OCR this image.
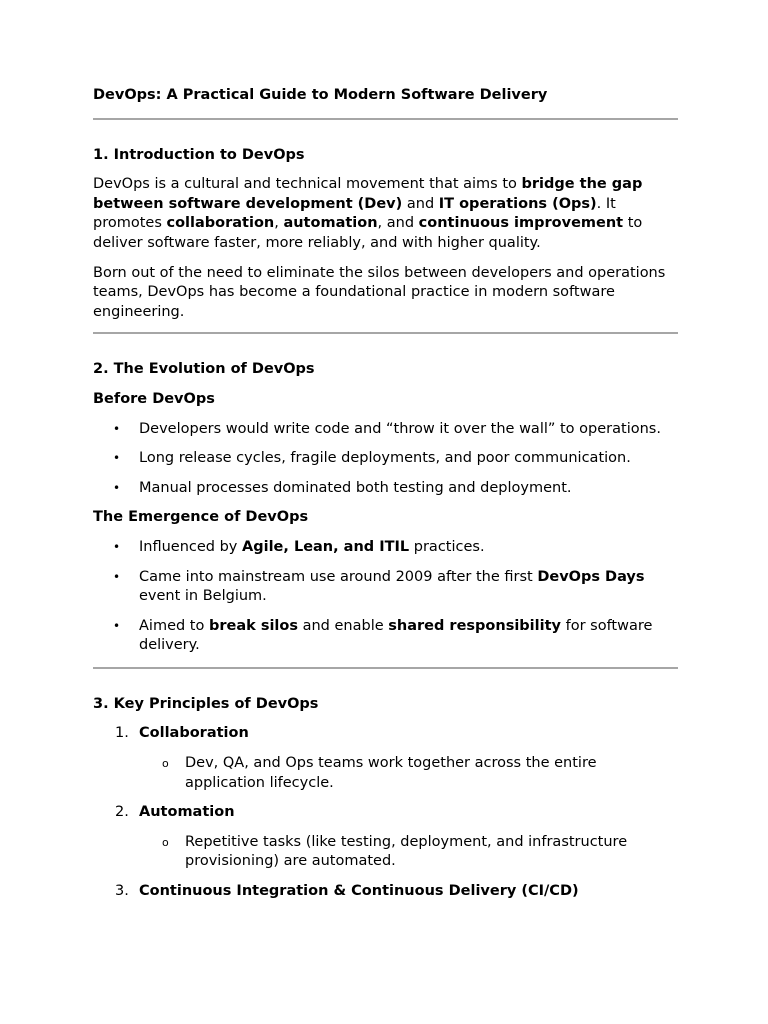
DevOps: A Practical Guide to Modern Software Delivery

1. Introduction to DevOps

DevOps is a cultural and technical movement that aims to bridge the gap between software development (Dev) and IT operations (Ops). It promotes collaboration, automation, and continuous improvement to deliver software faster, more reliably, and with higher quality.

Born out of the need to eliminate the silos between developers and operations teams, DevOps has become a foundational practice in modern software engineering.

2. The Evolution of DevOps
Before DevOps
• Developers would write code and “throw it over the wall” to operations.
• Long release cycles, fragile deployments, and poor communication.
• Manual processes dominated both testing and deployment.
The Emergence of DevOps
• Influenced by Agile, Lean, and ITIL practices.
• Came into mainstream use around 2009 after the first DevOps Days event in Belgium.
• Aimed to break silos and enable shared responsibility for software delivery.
3. Key Principles of DevOps
1. Collaboration
o Dev, QA, and Ops teams work together across the entire application lifecycle.
2. Automation
o Repetitive tasks (like testing, deployment, and infrastructure provisioning) are automated.
3. Continuous Integration & Continuous Delivery (CI/CD)
